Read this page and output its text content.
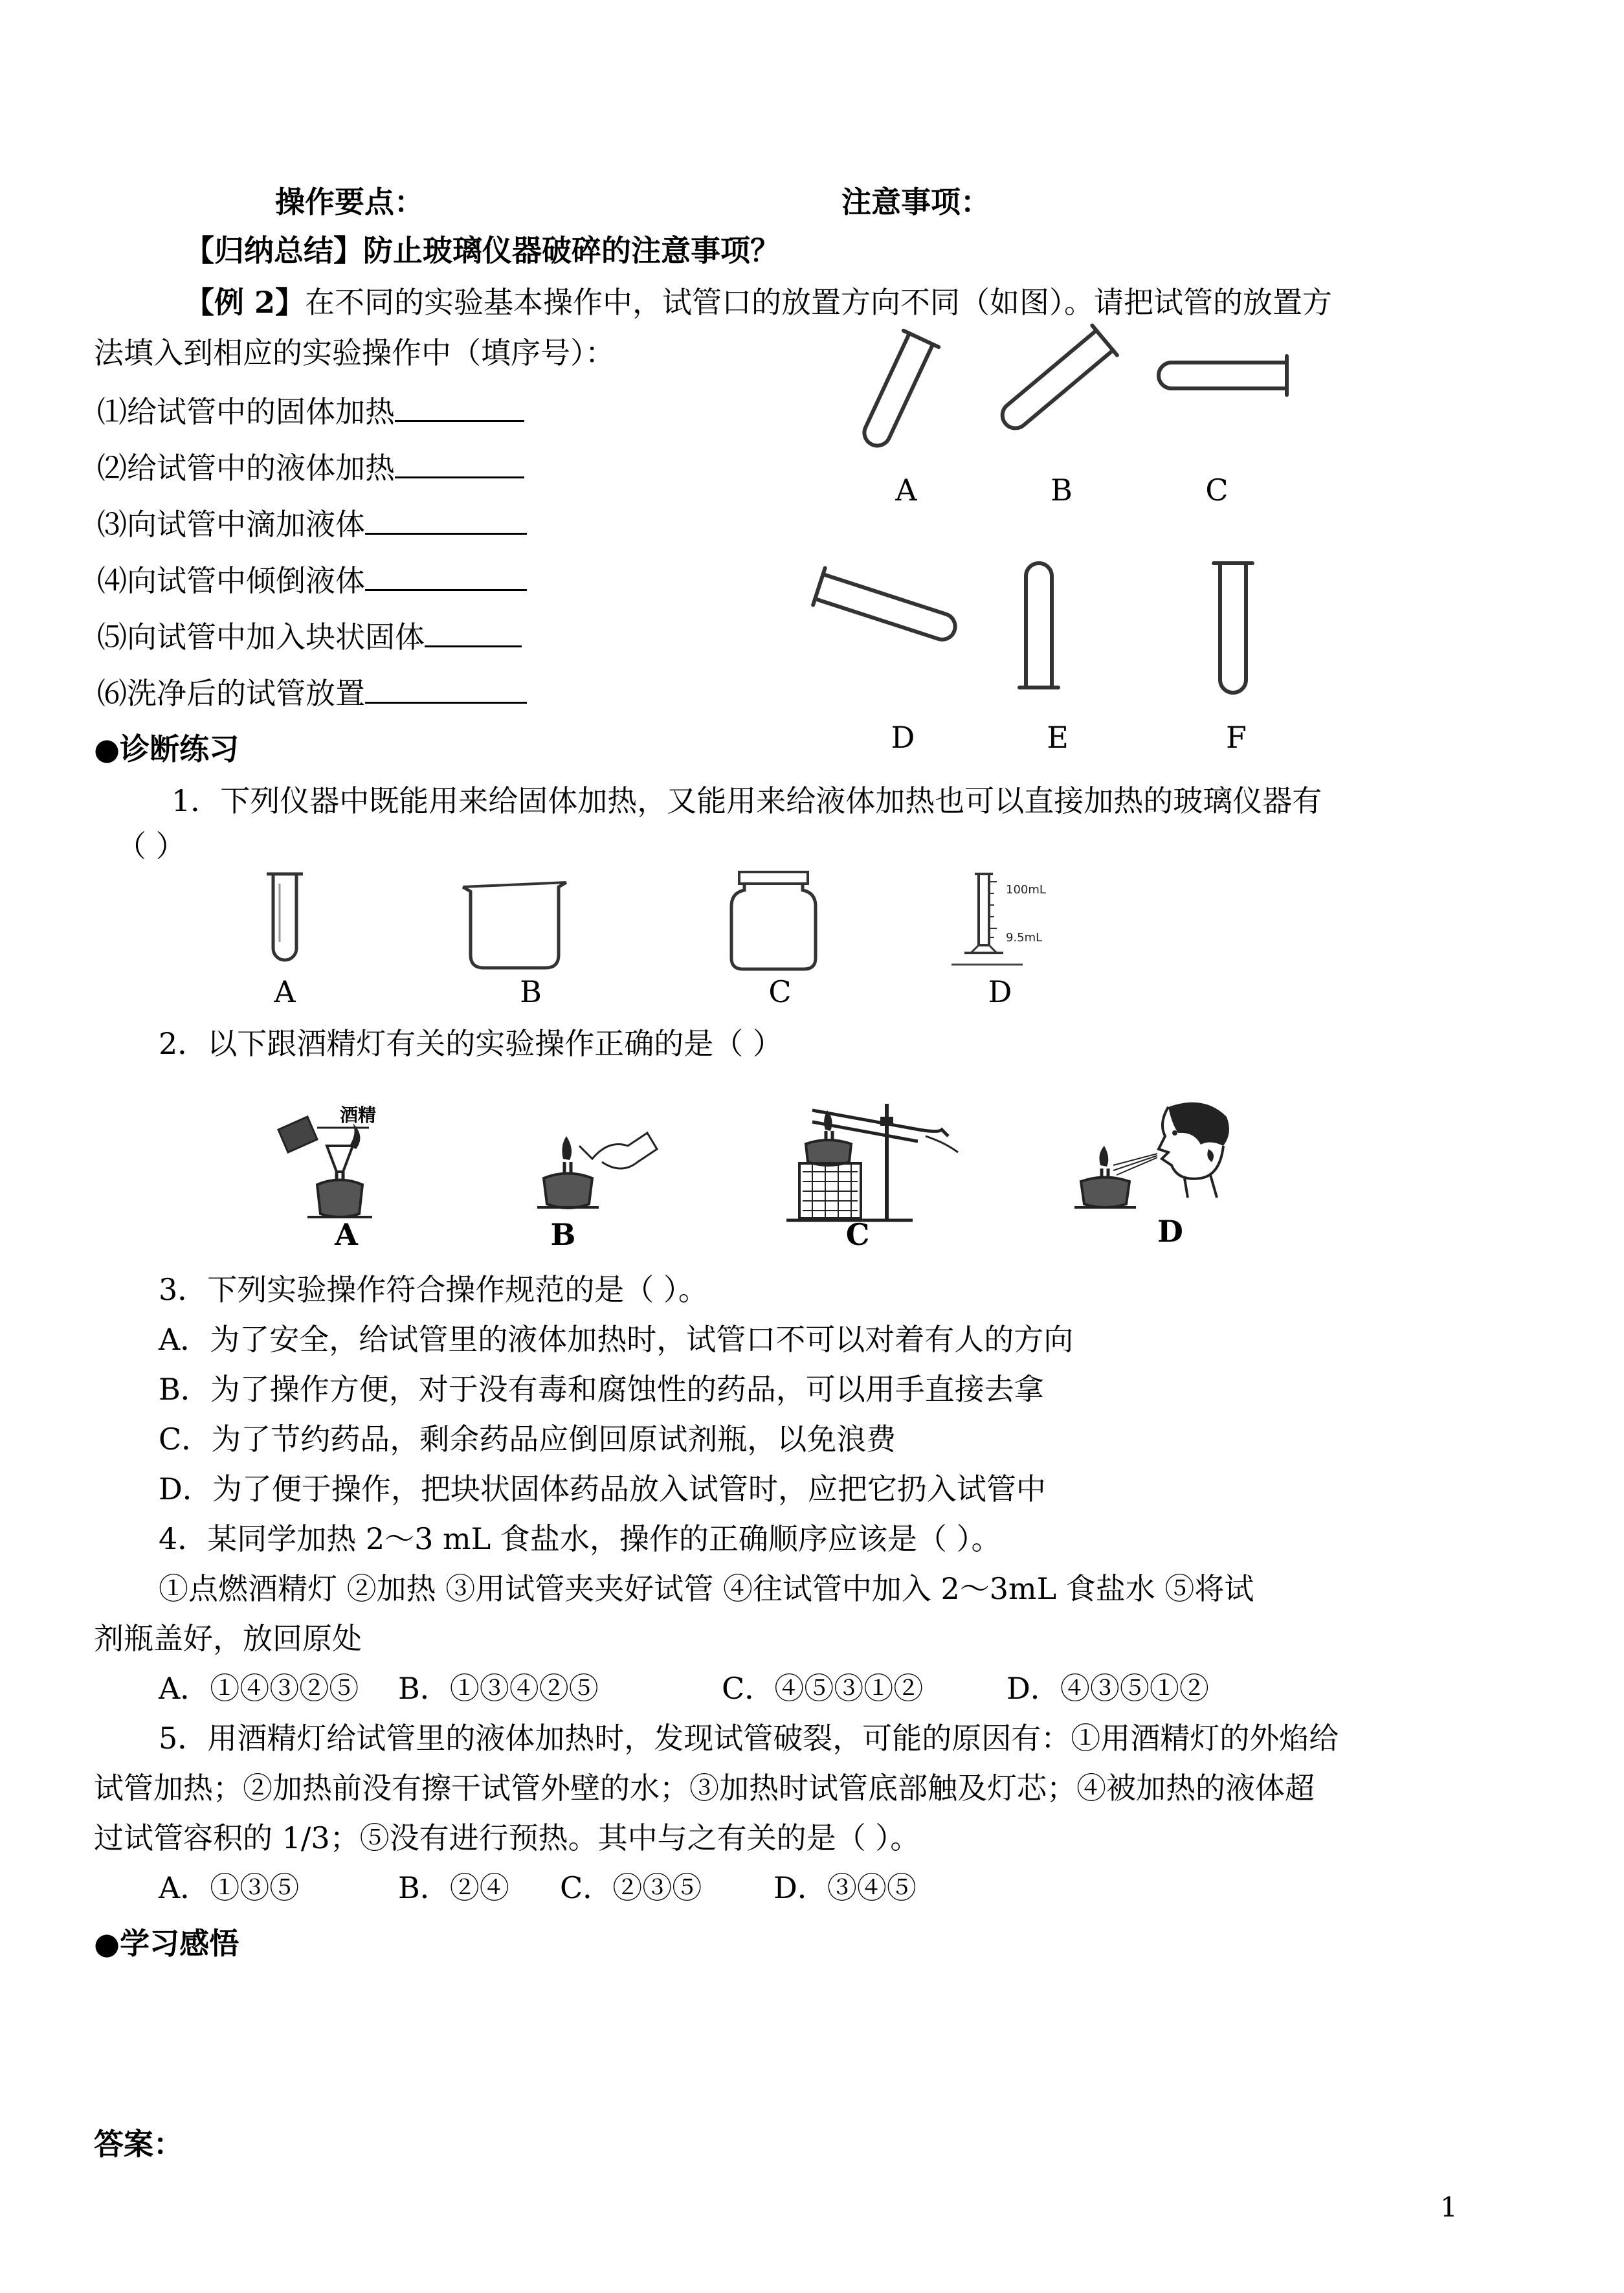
操作要点：	注意事项：
【归纳总结】防止玻璃仪器破碎的注意事项？
【例 2】在不同的实验基本操作中，试管口的放置方向不同（如图）。请把试管的放置方
法填入到相应的实验操作中（填序号）：
⑴给试管中的固体加热
⑵给试管中的液体加热
⑶向试管中滴加液体
⑷向试管中倾倒液体
⑸向试管中加入块状固体
⑹洗净后的试管放置
A	B	C
D	E	F
●诊断练习
1．下列仪器中既能用来给固体加热，又能用来给液体加热也可以直接加热的玻璃仪器有
（ ）
A	B	C
100mL
9.5mL
D
2．以下跟酒精灯有关的实验操作正确的是（ ）
酒精
A	B	C	D
3．下列实验操作符合操作规范的是（ ）。
A．为了安全，给试管里的液体加热时，试管口不可以对着有人的方向
B．为了操作方便，对于没有毒和腐蚀性的药品，可以用手直接去拿
C．为了节约药品，剩余药品应倒回原试剂瓶，以免浪费
D．为了便于操作，把块状固体药品放入试管时，应把它扔入试管中
4．某同学加热 2～3 mL 食盐水，操作的正确顺序应该是（ ）。
①点燃酒精灯 ②加热 ③用试管夹夹好试管 ④往试管中加入 2～3mL 食盐水 ⑤将试
剂瓶盖好，放回原处
A．①④③②⑤ B．①③④②⑤	C．④⑤③①②	D．④③⑤①②
5．用酒精灯给试管里的液体加热时，发现试管破裂，可能的原因有：①用酒精灯的外焰给
试管加热；②加热前没有擦干试管外壁的水；③加热时试管底部触及灯芯；④被加热的液体超
过试管容积的 1/3；⑤没有进行预热。其中与之有关的是（ ）。
A．①③⑤	B．②④ C．②③⑤ D．③④⑤
●学习感悟
答案：
1
